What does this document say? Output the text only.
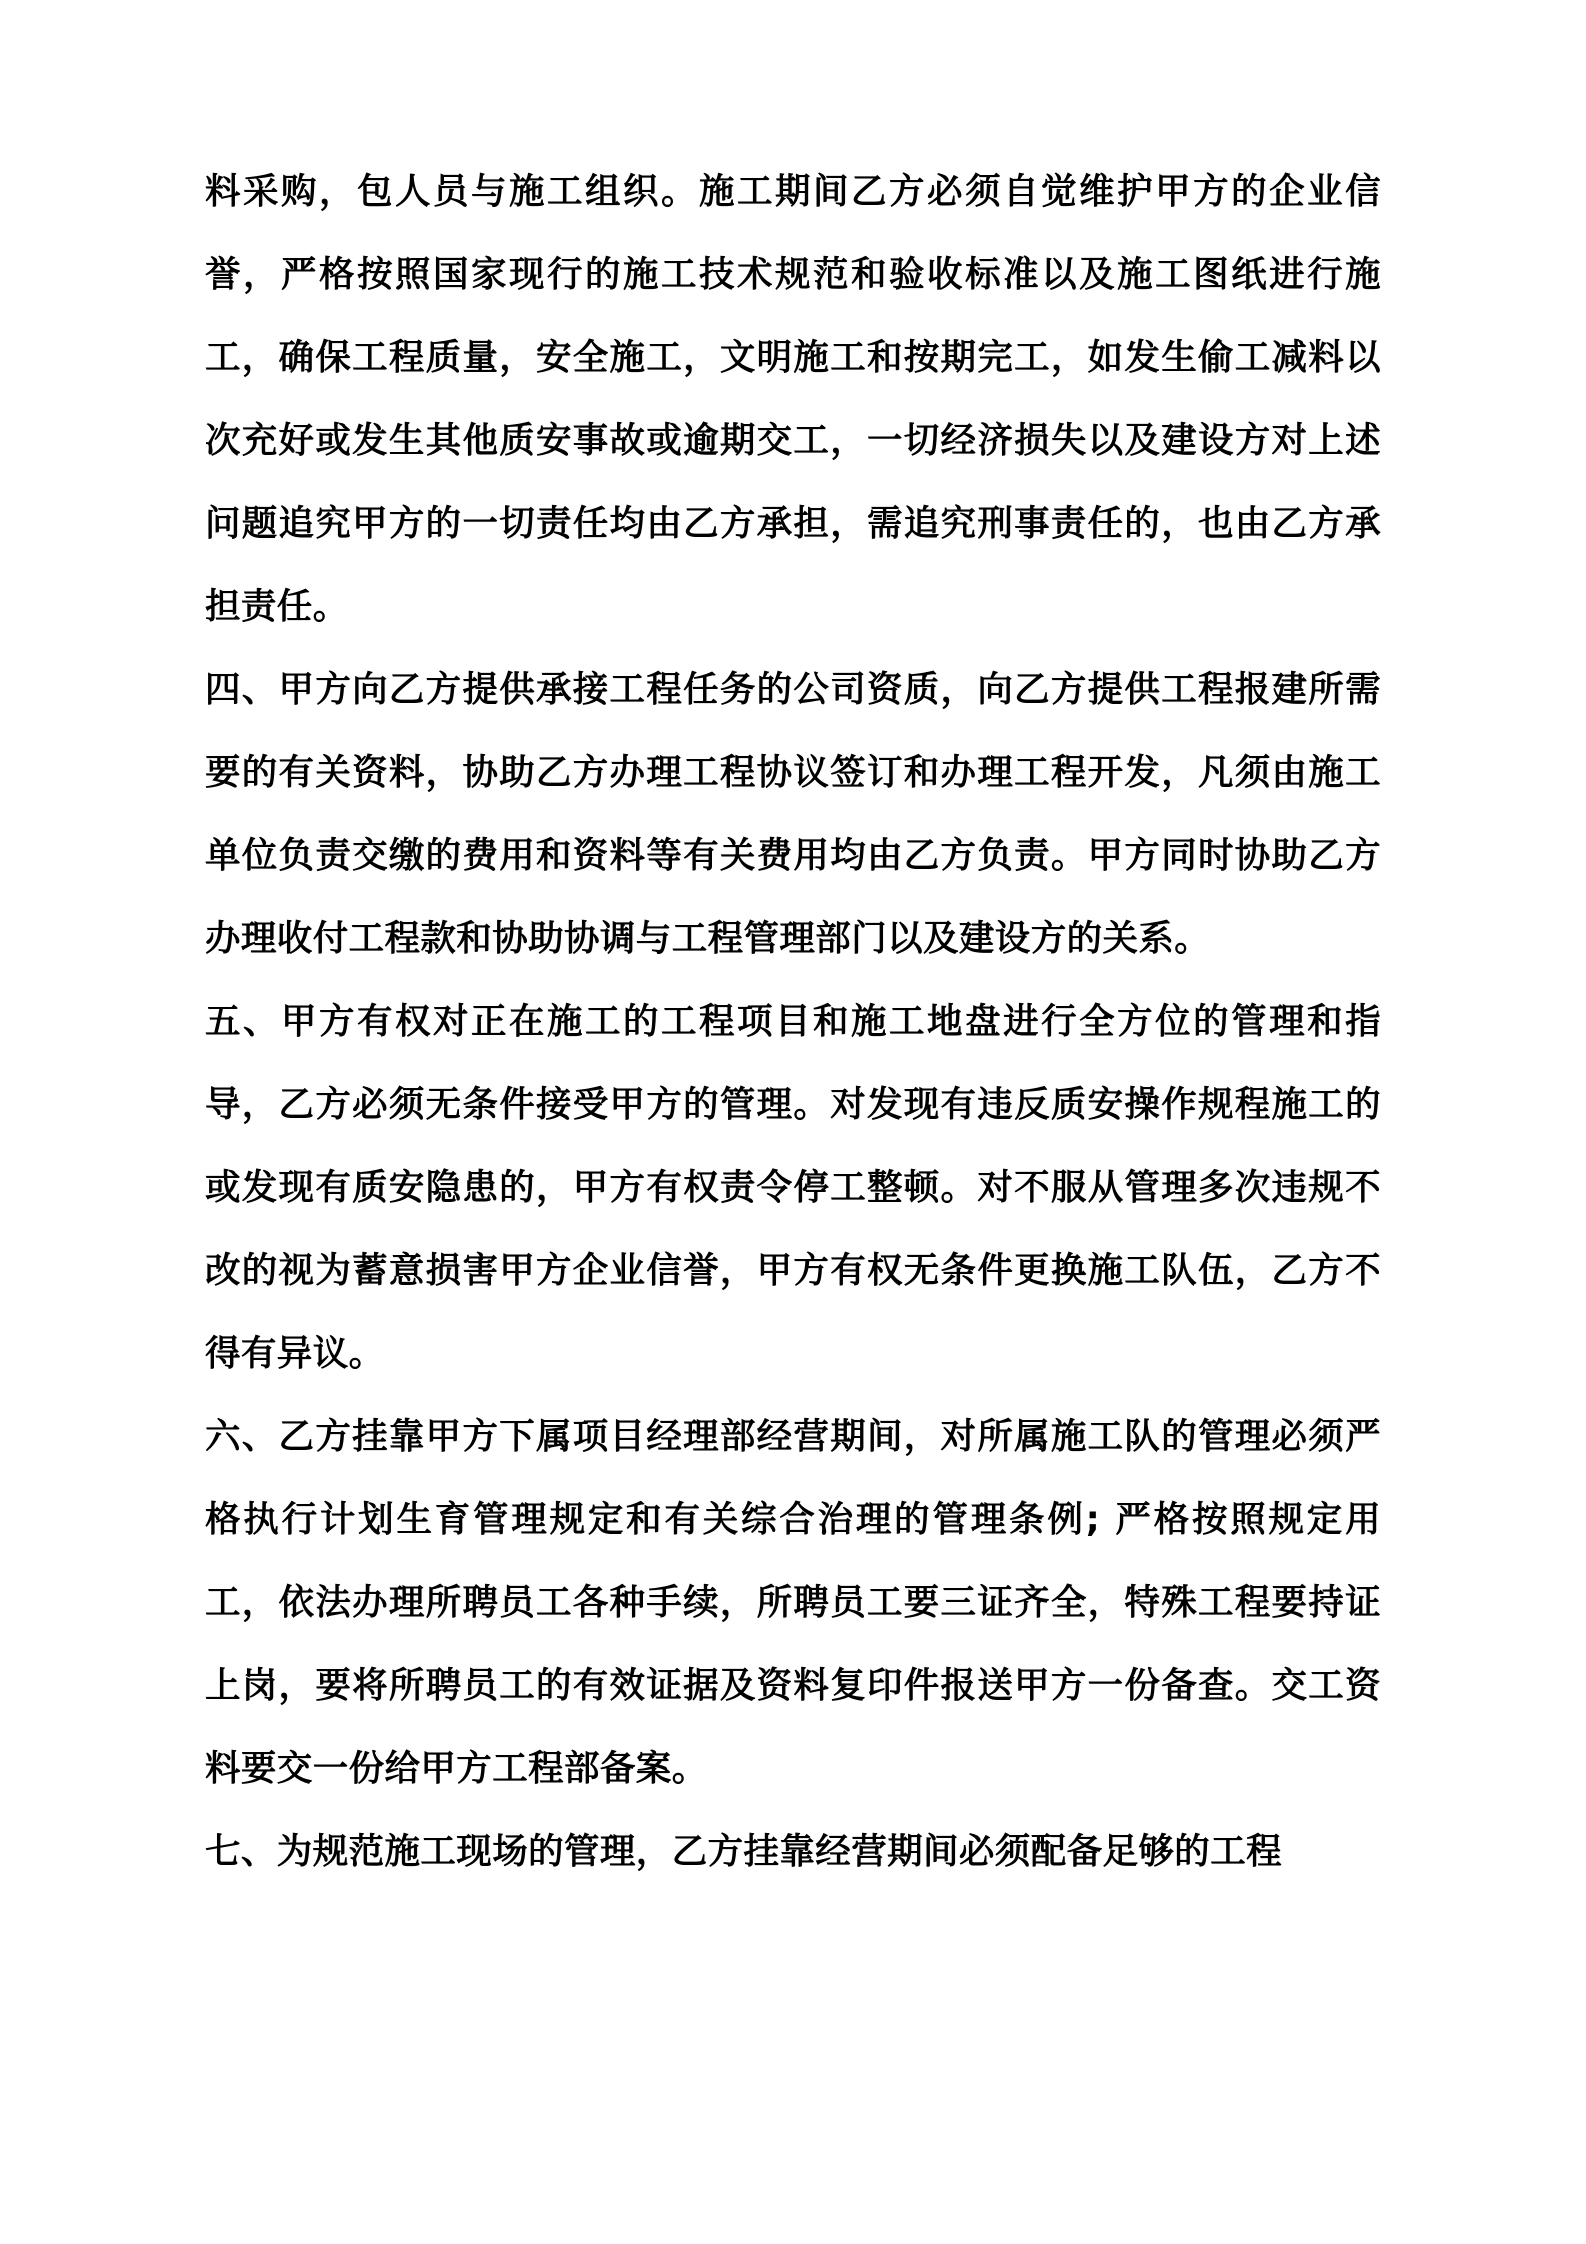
料采购，包人员与施工组织。施工期间乙方必须自觉维护甲方的企业信誉，严格按照国家现行的施工技术规范和验收标准以及施工图纸进行施工，确保工程质量，安全施工，文明施工和按期完工，如发生偷工减料以次充好或发生其他质安事故或逾期交工，一切经济损失以及建设方对上述问题追究甲方的一切责任均由乙方承担，需追究刑事责任的，也由乙方承担责任。

四、甲方向乙方提供承接工程任务的公司资质，向乙方提供工程报建所需要的有关资料，协助乙方办理工程协议签订和办理工程开发，凡须由施工单位负责交缴的费用和资料等有关费用均由乙方负责。甲方同时协助乙方办理收付工程款和协助协调与工程管理部门以及建设方的关系。

五、甲方有权对正在施工的工程项目和施工地盘进行全方位的管理和指导，乙方必须无条件接受甲方的管理。对发现有违反质安操作规程施工的或发现有质安隐患的，甲方有权责令停工整顿。对不服从管理多次违规不改的视为蓄意损害甲方企业信誉，甲方有权无条件更换施工队伍，乙方不得有异议。

六、乙方挂靠甲方下属项目经理部经营期间，对所属施工队的管理必须严格执行计划生育管理规定和有关综合治理的管理条例; 严格按照规定用工，依法办理所聘员工各种手续，所聘员工要三证齐全，特殊工程要持证上岗，要将所聘员工的有效证据及资料复印件报送甲方一份备查。交工资料要交一份给甲方工程部备案。

七、为规范施工现场的管理，乙方挂靠经营期间必须配备足够的工程
